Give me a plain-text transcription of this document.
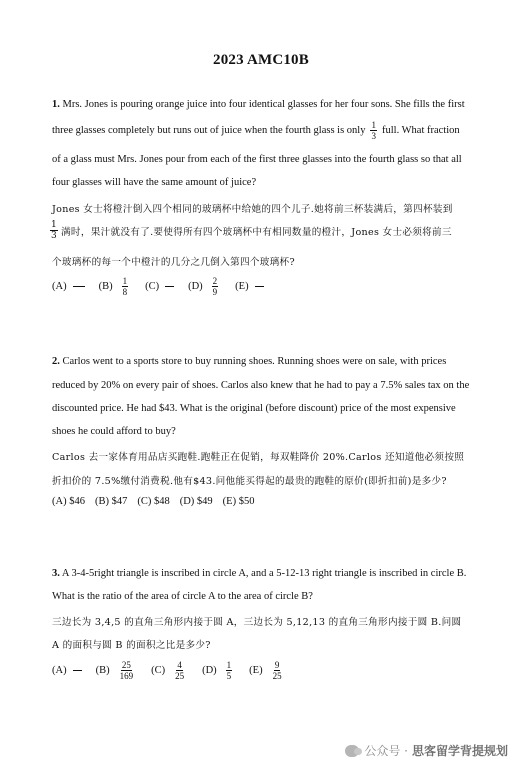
2023 AMC10B
1. Mrs. Jones is pouring orange juice into four identical glasses for her four sons. She fills the first
three glasses completely but runs out of juice when the fourth glass is only $\frac{1}{3}$ full. What fraction
of a glass must Mrs. Jones pour from each of the first three glasses into the fourth glass so that all
four glasses will have the same amount of juice?
Jones 女士将橙汁倒入四个相同的玻璃杯中给她的四个儿子.她将前三杯装满后，第四杯装到
$\frac{1}{3}$ 满时，果汁就没有了.要使得所有四个玻璃杯中有相同数量的橙汁，Jones 女士必须将前三
个玻璃杯的每一个中橙汁的几分之几倒入第四个玻璃杯?
(A)	$(B) \frac{1}{8} (C)$	$(D) \frac{2}{9} (E)$
2. Carlos went to a sports store to buy running shoes. Running shoes were on sale, with prices
reduced by 20% on every pair of shoes. Carlos also knew that he had to pay a 7.5% sales tax on the
discounted price. He had $43. What is the original (before discount) price of the most expensive
shoes he could afford to buy?
Carlos 去一家体育用品店买跑鞋.跑鞋正在促销，每双鞋降价 20%.Carlos 还知道他必须按照
折扣价的 7.5%缴付消费税.他有$43.问他能买得起的最贵的跑鞋的原价(即折扣前)是多少?
(A) $46 (B) $47 (C) $48 (D) $49 (E) $50
3. A 3-4-5right triangle is inscribed in circle A, and a 5-12-13 right triangle is inscribed in circle B.
What is the ratio of the area of circle A to the area of circle B?
三边长为 3,4,5 的直角三角形内接于圆 A，三边长为 5,12,13 的直角三角形内接于圆 B.问圆
A 的面积与圆 B 的面积之比是多少?
(A)	$(B) \frac{25}{169} (C) \frac{4}{25} (D) \frac{1}{5} (E) \frac{9}{25}$
公众号 · 思客留学背提规划
